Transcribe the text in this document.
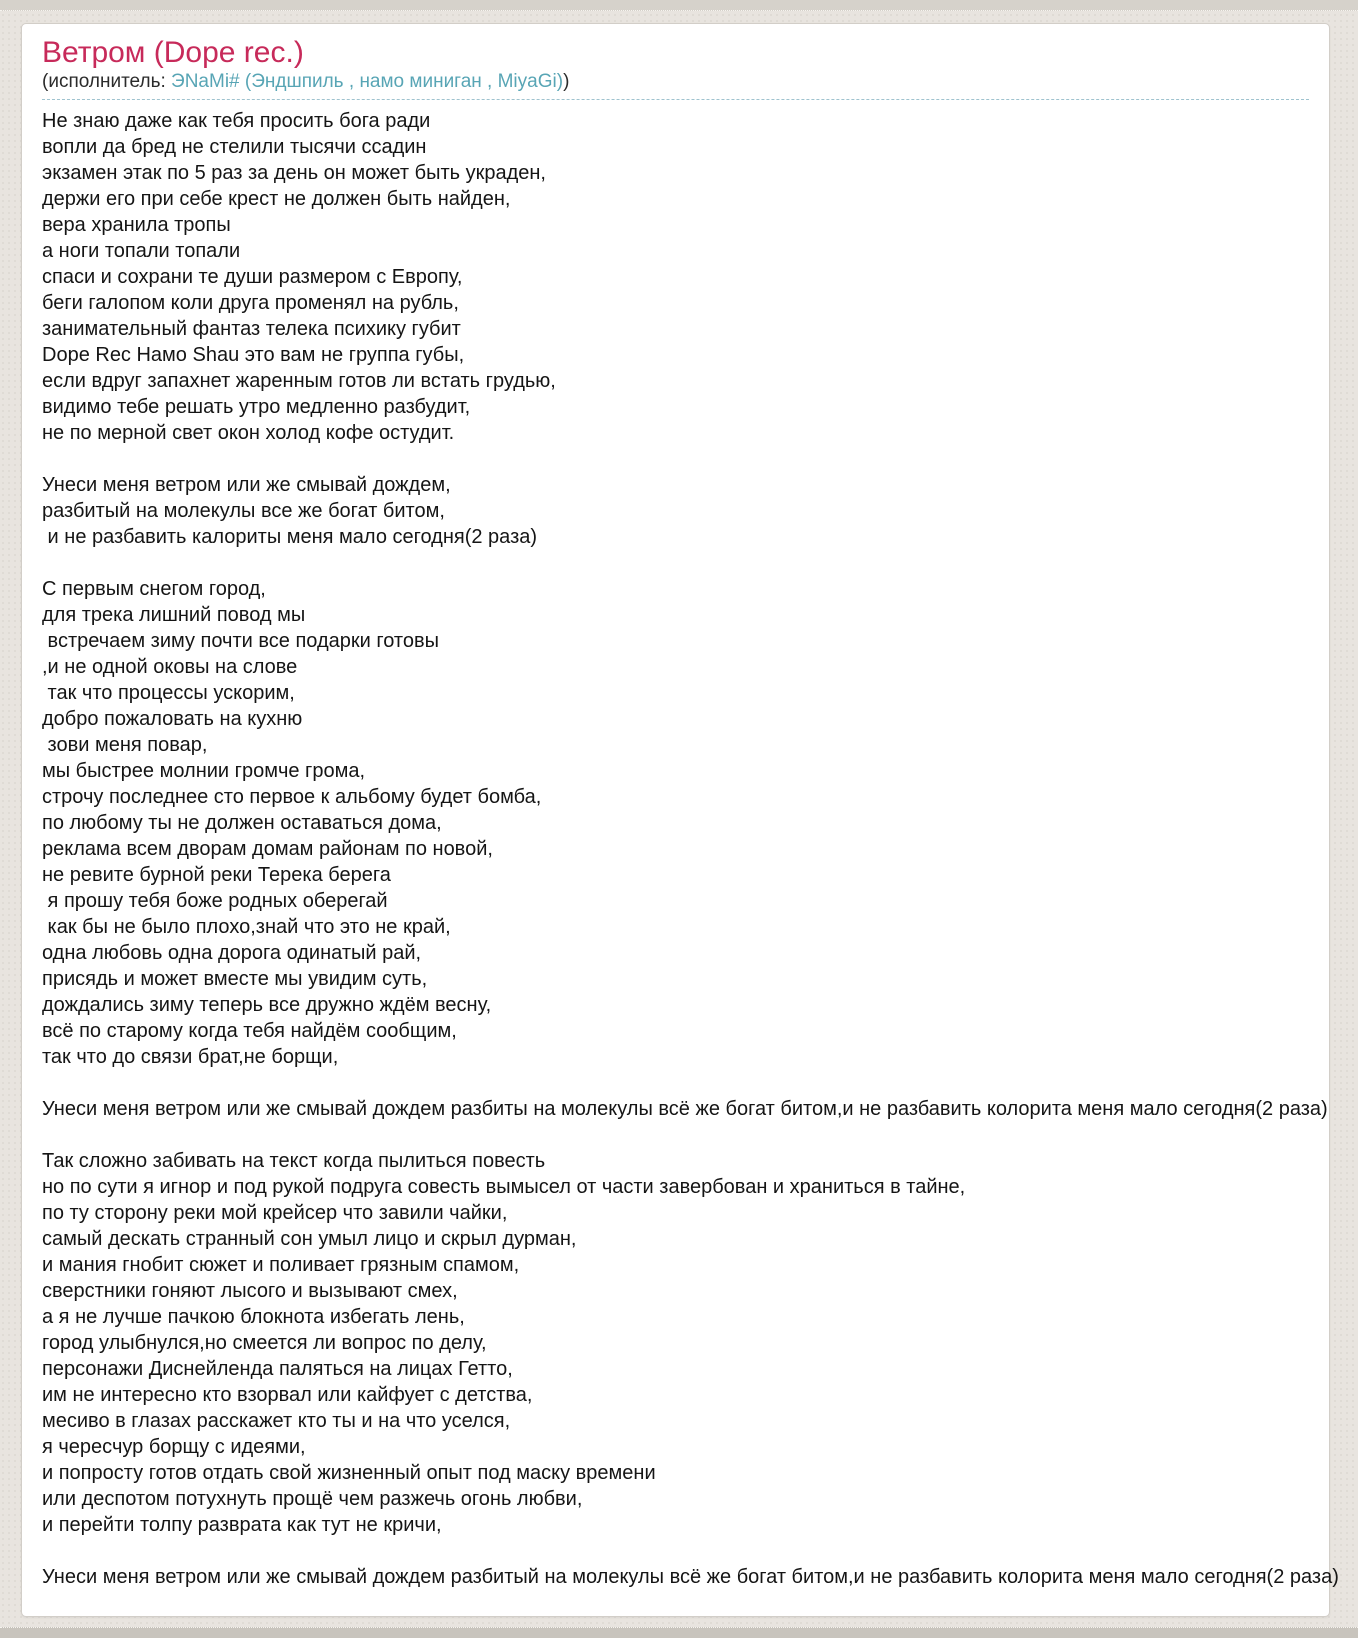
Ветром (Dope rec.)
(исполнитель: ЭNaMi# (Эндшпиль , намо миниган , MiyaGi))
Не знаю даже как тебя просить бога ради
вопли да бред не стелили тысячи ссадин
экзамен этак по 5 раз за день он может быть украден,
держи его при себе крест не должен быть найден,
вера хранила тропы
а ноги топали топали
спаси и сохрани те души размером с Европу,
беги галопом коли друга променял на рубль,
занимательный фантаз телека психику губит
Dope Rec Намо Shau это вам не группа губы,
если вдруг запахнет жаренным готов ли встать грудью,
видимо тебе решать утро медленно разбудит,
не по мерной свет окон холод кофе остудит.

Унеси меня ветром или же смывай дождем,
разбитый на молекулы все же богат битом,
и не разбавить калориты меня мало сегодня(2 раза)

С первым снегом город,
для трека лишний повод мы
встречаем зиму почти все подарки готовы
,и не одной оковы на слове
так что процессы ускорим,
добро пожаловать на кухню
зови меня повар,
мы быстрее молнии громче грома,
строчу последнее сто первое к альбому будет бомба,
по любому ты не должен оставаться дома,
реклама всем дворам домам районам по новой,
не ревите бурной реки Терека берега
я прошу тебя боже родных оберегай
как бы не было плохо,знай что это не край,
одна любовь одна дорога одинатый рай,
присядь и может вместе мы увидим суть,
дождались зиму теперь все дружно ждём весну,
всё по старому когда тебя найдём сообщим,
так что до связи брат,не борщи,

Унеси меня ветром или же смывай дождем разбиты на молекулы всё же богат битом,и не разбавить колорита меня мало сегодня(2 раза)

Так сложно забивать на текст когда пылиться повесть
но по сути я игнор и под рукой подруга совесть вымысел от части завербован и храниться в тайне,
по ту сторону реки мой крейсер что завили чайки,
самый дескать странный сон умыл лицо и скрыл дурман,
и мания гнобит сюжет и поливает грязным спамом,
сверстники гоняют лысого и вызывают смех,
а я не лучше пачкою блокнота избегать лень,
город улыбнулся,но смеется ли вопрос по делу,
персонажи Диснейленда паляться на лицах Гетто,
им не интересно кто взорвал или кайфует с детства,
месиво в глазах расскажет кто ты и на что уселся,
я чересчур борщу с идеями,
и попросту готов отдать свой жизненный опыт под маску времени
или деспотом потухнуть прощё чем разжечь огонь любви,
и перейти толпу разврата как тут не кричи,

Унеси меня ветром или же смывай дождем разбитый на молекулы всё же богат битом,и не разбавить колорита меня мало сегодня(2 раза)
